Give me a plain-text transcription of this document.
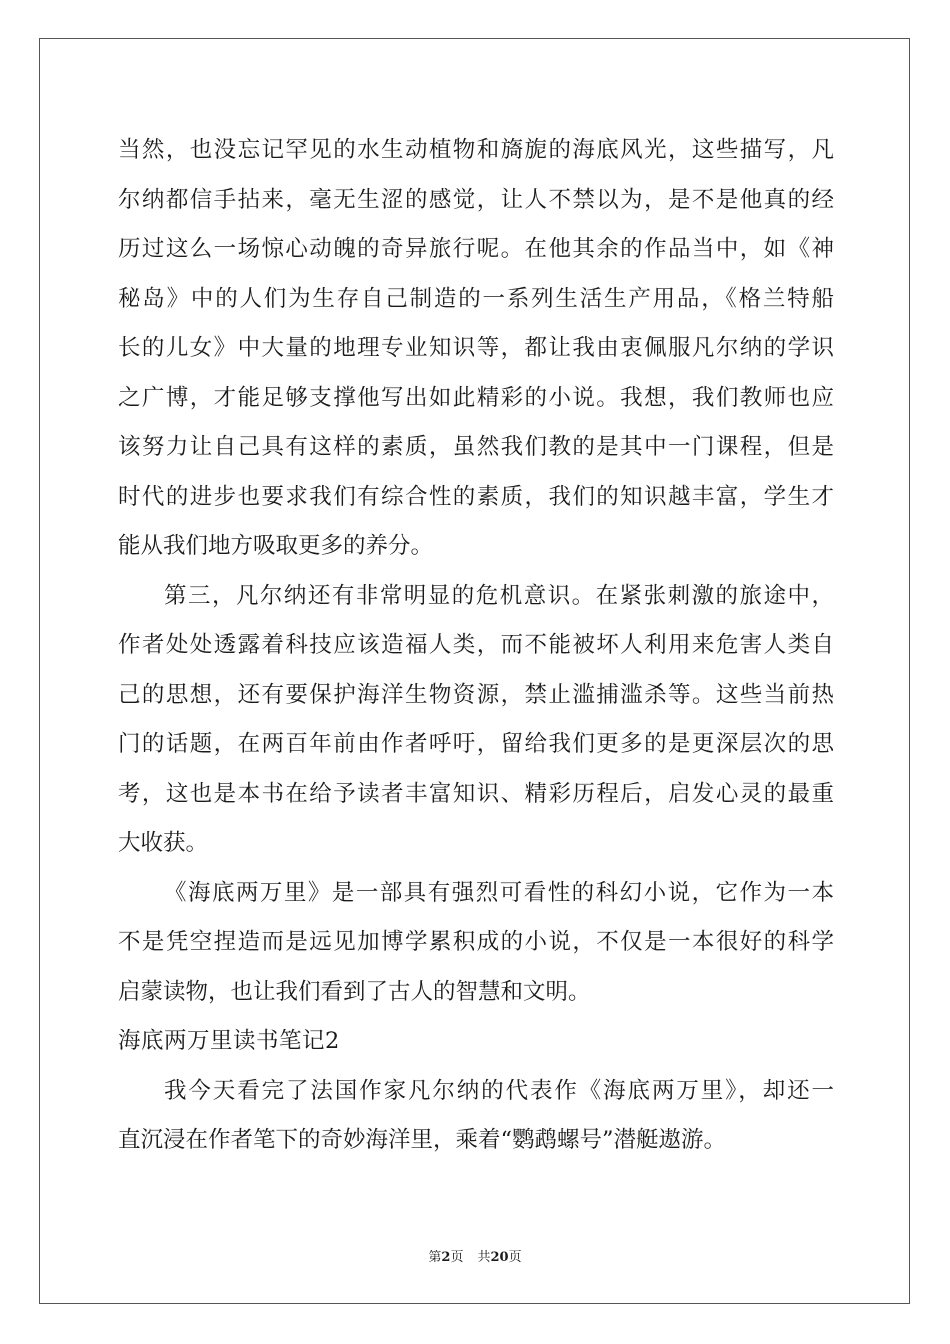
当然，也没忘记罕见的水生动植物和旖旎的海底风光，这些描写，凡
尔纳都信手拈来，毫无生涩的感觉，让人不禁以为，是不是他真的经
历过这么一场惊心动魄的奇异旅行呢。在他其余的作品当中，如《神
秘岛》中的人们为生存自己制造的一系列生活生产用品，《格兰特船
长的儿女》中大量的地理专业知识等，都让我由衷佩服凡尔纳的学识
之广博，才能足够支撑他写出如此精彩的小说。我想，我们教师也应
该努力让自己具有这样的素质，虽然我们教的是其中一门课程，但是
时代的进步也要求我们有综合性的素质，我们的知识越丰富，学生才
能从我们地方吸取更多的养分。
第三，凡尔纳还有非常明显的危机意识。在紧张刺激的旅途中，
作者处处透露着科技应该造福人类，而不能被坏人利用来危害人类自
己的思想，还有要保护海洋生物资源，禁止滥捕滥杀等。这些当前热
门的话题，在两百年前由作者呼吁，留给我们更多的是更深层次的思
考，这也是本书在给予读者丰富知识、精彩历程后，启发心灵的最重
大收获。
《海底两万里》是一部具有强烈可看性的科幻小说，它作为一本
不是凭空捏造而是远见加博学累积成的小说，不仅是一本很好的科学
启蒙读物，也让我们看到了古人的智慧和文明。
海底两万里读书笔记2
我今天看完了法国作家凡尔纳的代表作《海底两万里》，却还一
直沉浸在作者笔下的奇妙海洋里，乘着“鹦鹉螺号”潜艇遨游。
第2页 共20页
